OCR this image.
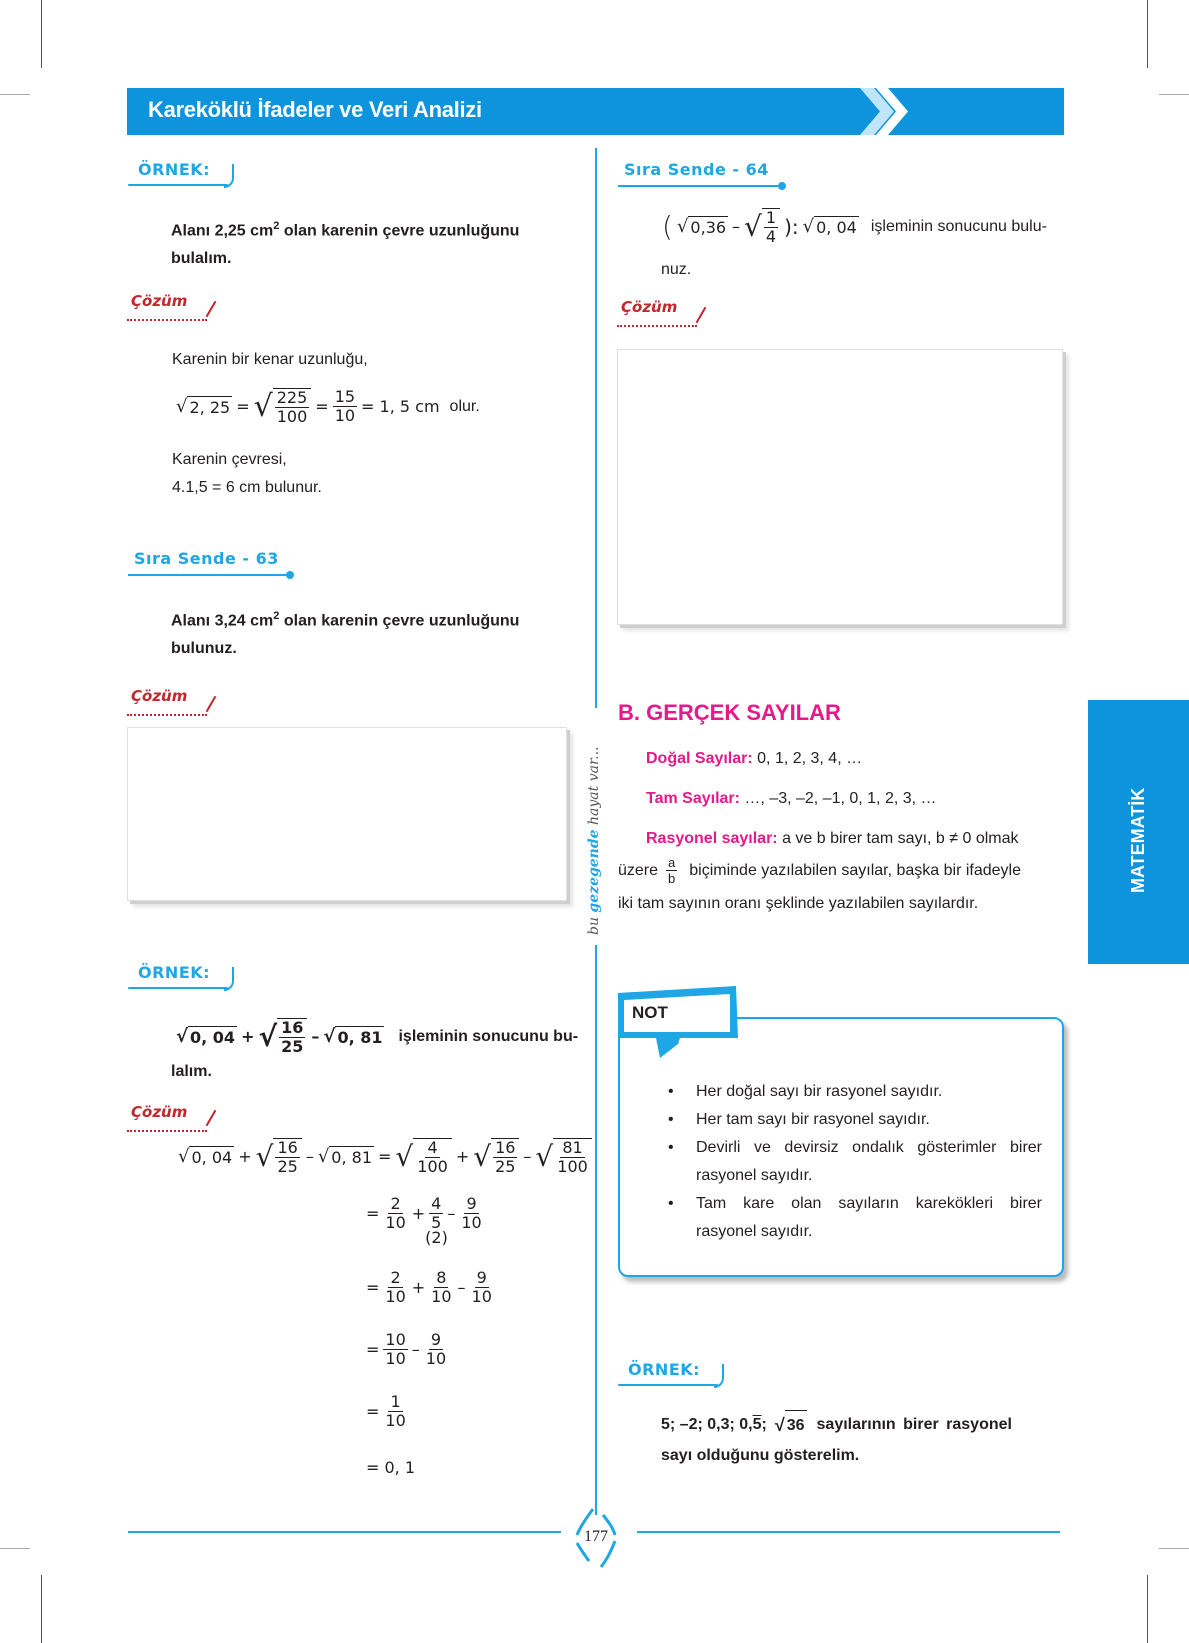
Kareköklü İfadeler ve Veri Analizi
ÖRNEK:
Alanı 2,25 $cm^2$ olan karenin çevre uzunluğunu
bulalım.
Çözüm
Karenin bir kenar uzunluğu,
√ 2, 25 = √ $\frac{225}{100} = \frac{15}{10} = 1$, 5 cm olur.
Karenin çevresi,
4.1,5 = 6 cm bulunur.
Sıra Sende - 63
Alanı 3,24 $cm^2$ olan karenin çevre uzunluğunu
bulunuz.
Çözüm
bu gezegende hayat var...
ÖRNEK:
√ 0, 04 + √ $\frac{16}{25}$ – √ 0, 81 işleminin sonucunu bu-
lalım.
Çözüm
√ 0, 04 + √ $\frac{16}{25}$ – √ 0, 81 = √ $\frac{4}{100}$ + √ $\frac{16}{25}$ – √ $\frac{81}{100}$
= $\frac{2}{10}$ +
4
5
(2)
– $\frac{9}{10}$
= $\frac{2}{10} + \frac{8}{10} - \frac{9}{10}$
= $\frac{10}{10} - \frac{9}{10}$
= $\frac{1}{10}$
= 0, 1
Sıra Sende - 64
( √ 0,36 – √ $\frac{1}{4}$ ): √ 0, 04 işleminin sonucunu bulu-
nuz.
Çözüm
B. GERÇEK SAYILAR
Doğal Sayılar: 0, 1, 2, 3, 4, …
Tam Sayılar: …, –3, –2, –1, 0, 1, 2, 3, …
Rasyonel sayılar: a ve b birer tam sayı, b ≠ 0 olmak
üzere $\frac{a}{b}$ biçiminde yazılabilen sayılar, başka bir ifadeyle
iki tam sayının oranı şeklinde yazılabilen sayılardır.
MATEMATİK
NOT
• Her doğal sayı bir rasyonel sayıdır.
• Her tam sayı bir rasyonel sayıdır.
• Devirli ve devirsiz ondalık gösterimler birer rasyonel sayıdır.
• Tam kare olan sayıların karekökleri birer rasyonel sayıdır.
ÖRNEK:
5; –2; 0,3; 0, 5 ; √ 36 sayılarının birer rasyonel
sayı olduğunu gösterelim.
177
